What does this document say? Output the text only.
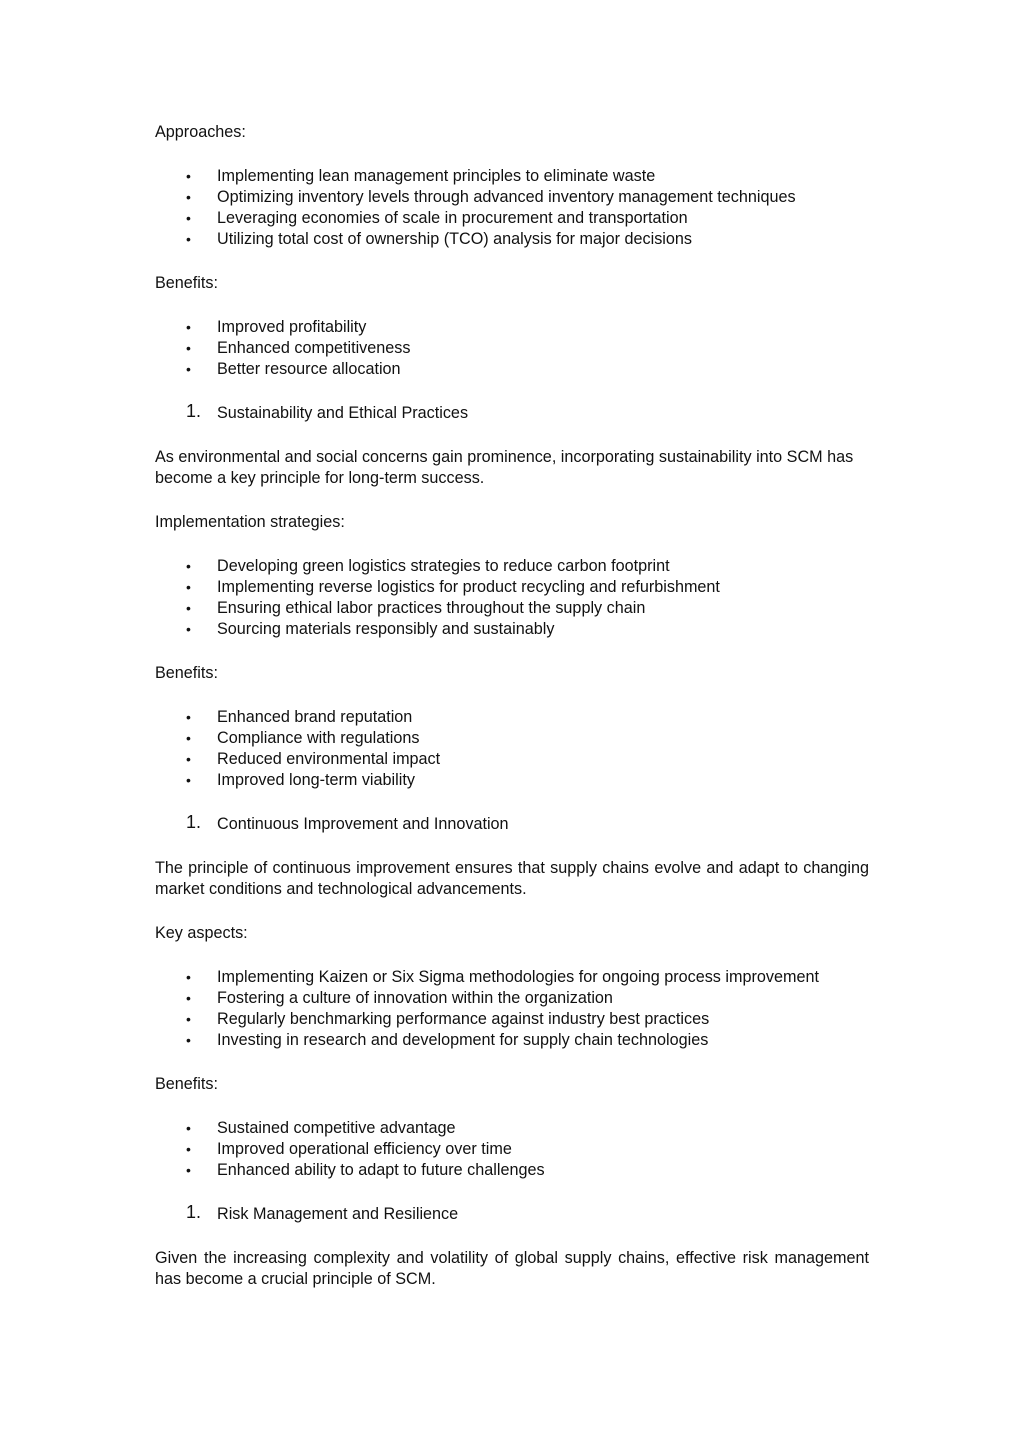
Approaches:

• Implementing lean management principles to eliminate waste
• Optimizing inventory levels through advanced inventory management techniques
• Leveraging economies of scale in procurement and transportation
• Utilizing total cost of ownership (TCO) analysis for major decisions

Benefits:

• Improved profitability
• Enhanced competitiveness
• Better resource allocation
1. Sustainability and Ethical Practices

As environmental and social concerns gain prominence, incorporating sustainability into SCM has become a key principle for long-term success.

Implementation strategies:

• Developing green logistics strategies to reduce carbon footprint
• Implementing reverse logistics for product recycling and refurbishment
• Ensuring ethical labor practices throughout the supply chain
• Sourcing materials responsibly and sustainably

Benefits:

• Enhanced brand reputation
• Compliance with regulations
• Reduced environmental impact
• Improved long-term viability
1. Continuous Improvement and Innovation

The principle of continuous improvement ensures that supply chains evolve and adapt to changing market conditions and technological advancements.

Key aspects:

• Implementing Kaizen or Six Sigma methodologies for ongoing process improvement
• Fostering a culture of innovation within the organization
• Regularly benchmarking performance against industry best practices
• Investing in research and development for supply chain technologies

Benefits:

• Sustained competitive advantage
• Improved operational efficiency over time
• Enhanced ability to adapt to future challenges
1. Risk Management and Resilience

Given the increasing complexity and volatility of global supply chains, effective risk management has become a crucial principle of SCM.
